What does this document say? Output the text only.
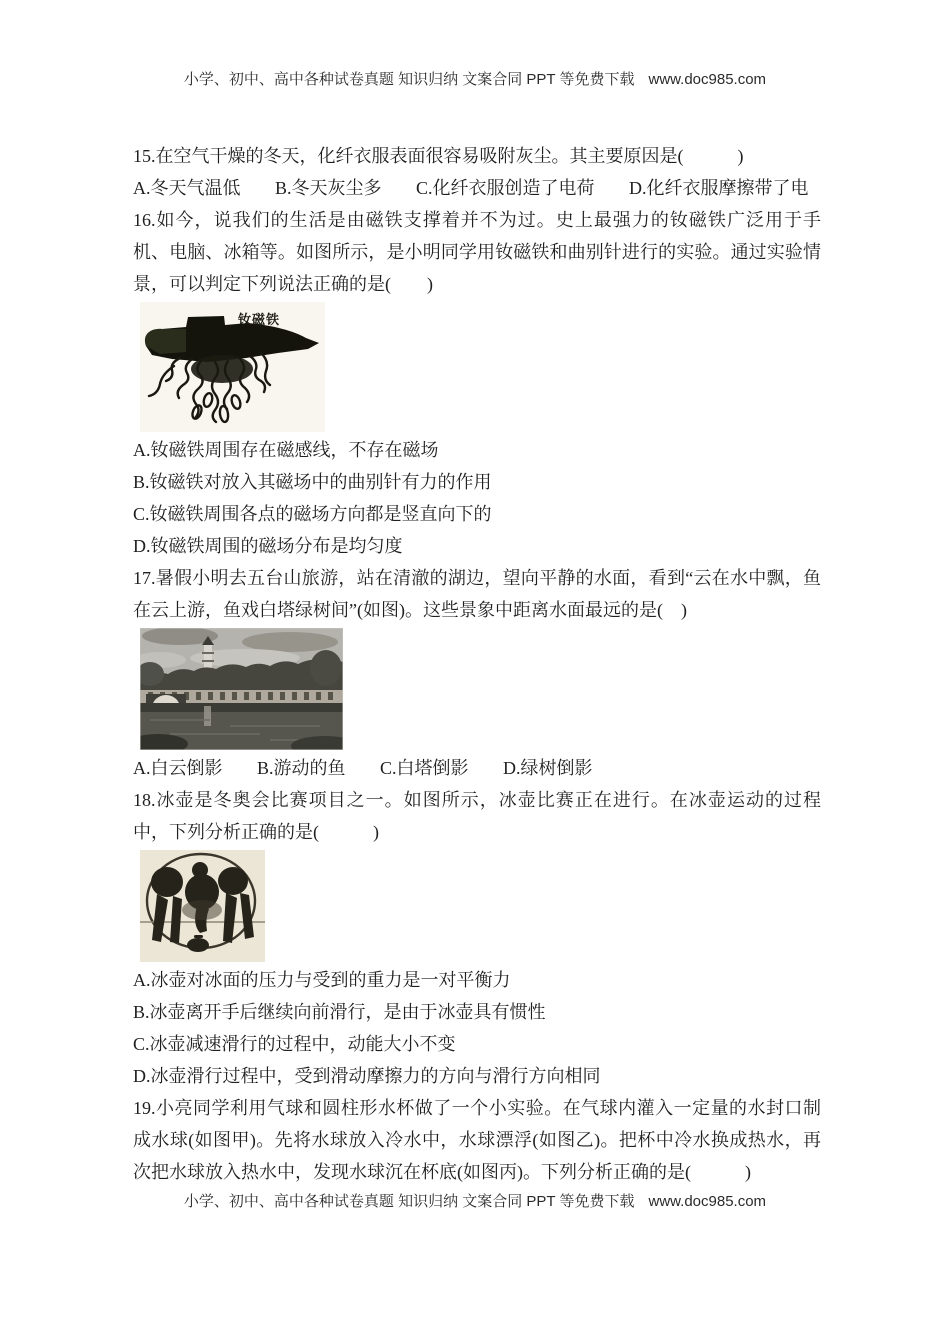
小学、初中、高中各种试卷真题 知识归纳 文案合同 PPT 等免费下载 www.doc985.com

15.在空气干燥的冬天，化纤衣服表面很容易吸附灰尘。其主要原因是(　　　)

A.冬天气温低 B.冬天灰尘多 C.化纤衣服创造了电荷 D.化纤衣服摩擦带了电

16.如今，说我们的生活是由磁铁支撑着并不为过。史上最强力的钕磁铁广泛用于手机、电脑、冰箱等。如图所示，是小明同学用钕磁铁和曲别针进行的实验。通过实验情景，可以判定下列说法正确的是(　　)

钕磁铁

A.钕磁铁周围存在磁感线，不存在磁场

B.钕磁铁对放入其磁场中的曲别针有力的作用

C.钕磁铁周围各点的磁场方向都是竖直向下的

D.钕磁铁周围的磁场分布是均匀度

17.暑假小明去五台山旅游，站在清澈的湖边，望向平静的水面，看到“云在水中飘，鱼在云上游，鱼戏白塔绿树间”(如图)。这些景象中距离水面最远的是(　)

A.白云倒影 B.游动的鱼 C.白塔倒影 D.绿树倒影

18.冰壶是冬奥会比赛项目之一。如图所示，冰壶比赛正在进行。在冰壶运动的过程中，下列分析正确的是(　　　)

A.冰壶对冰面的压力与受到的重力是一对平衡力

B.冰壶离开手后继续向前滑行，是由于冰壶具有惯性

C.冰壶减速滑行的过程中，动能大小不变

D.冰壶滑行过程中，受到滑动摩擦力的方向与滑行方向相同

19.小亮同学利用气球和圆柱形水杯做了一个小实验。在气球内灌入一定量的水封口制成水球(如图甲)。先将水球放入冷水中，水球漂浮(如图乙)。把杯中冷水换成热水，再次把水球放入热水中，发现水球沉在杯底(如图丙)。下列分析正确的是(　　　)

小学、初中、高中各种试卷真题 知识归纳 文案合同 PPT 等免费下载 www.doc985.com
